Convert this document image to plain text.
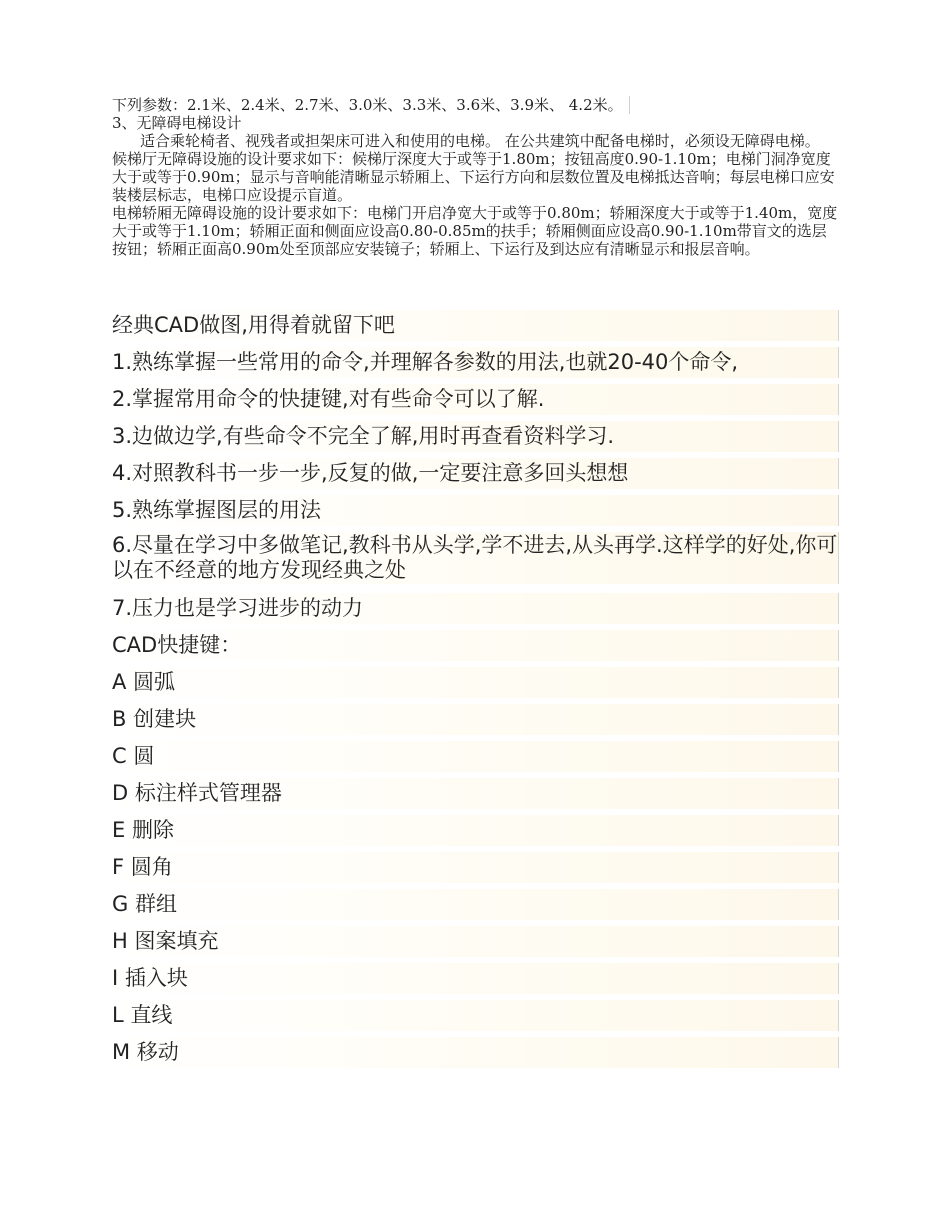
下列参数：2.1米、2.4米、2.7米、3.0米、3.3米、3.6米、3.9米、 4.2米。

3、无障碍电梯设计

适合乘轮椅者、视残者或担架床可进入和使用的电梯。 在公共建筑中配备电梯时，必须设无障碍电梯。

候梯厅无障碍设施的设计要求如下：候梯厅深度大于或等于1.80m；按钮高度0.90-1.10m；电梯门洞净宽度大于或等于0.90m；显示与音响能清晰显示轿厢上、下运行方向和层数位置及电梯抵达音响；每层电梯口应安装楼层标志，电梯口应设提示盲道。

电梯轿厢无障碍设施的设计要求如下：电梯门开启净宽大于或等于0.80m；轿厢深度大于或等于1.40m，宽度大于或等于1.10m；轿厢正面和侧面应设高0.80-0.85m的扶手；轿厢侧面应设高0.90-1.10m带盲文的选层按钮；轿厢正面高0.90m处至顶部应安装镜子；轿厢上、下运行及到达应有清晰显示和报层音响。

经典CAD做图,用得着就留下吧
1.熟练掌握一些常用的命令,并理解各参数的用法,也就20-40个命令,
2.掌握常用命令的快捷键,对有些命令可以了解.
3.边做边学,有些命令不完全了解,用时再查看资料学习.
4.对照教科书一步一步,反复的做,一定要注意多回头想想
5.熟练掌握图层的用法
6.尽量在学习中多做笔记,教科书从头学,学不进去,从头再学.这样学的好处,你可以在不经意的地方发现经典之处
7.压力也是学习进步的动力
CAD快捷键：
A 圆弧
B 创建块
C 圆
D 标注样式管理器
E 删除
F 圆角
G 群组
H 图案填充
I 插入块
L 直线
M 移动
